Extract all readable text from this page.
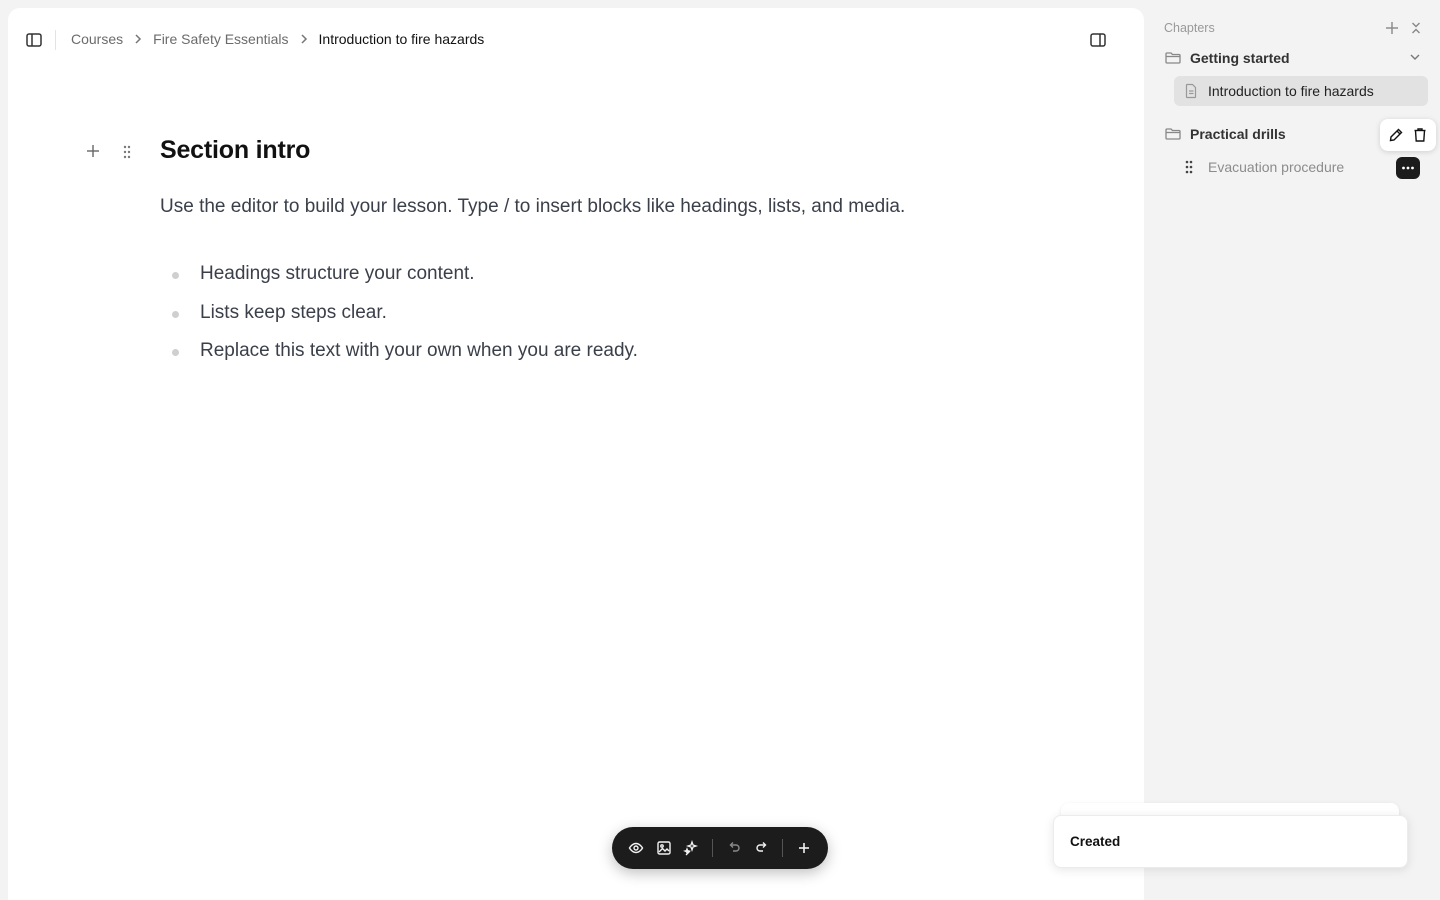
Courses Fire Safety Essentials Introduction to fire hazards
Section intro

Use the editor to build your lesson. Type / to insert blocks like headings, lists, and media.

Headings structure your content.
Lists keep steps clear.
Replace this text with your own when you are ready.
Chapters
Getting started
Introduction to fire hazards
Practical drills
Evacuation procedure
Created
